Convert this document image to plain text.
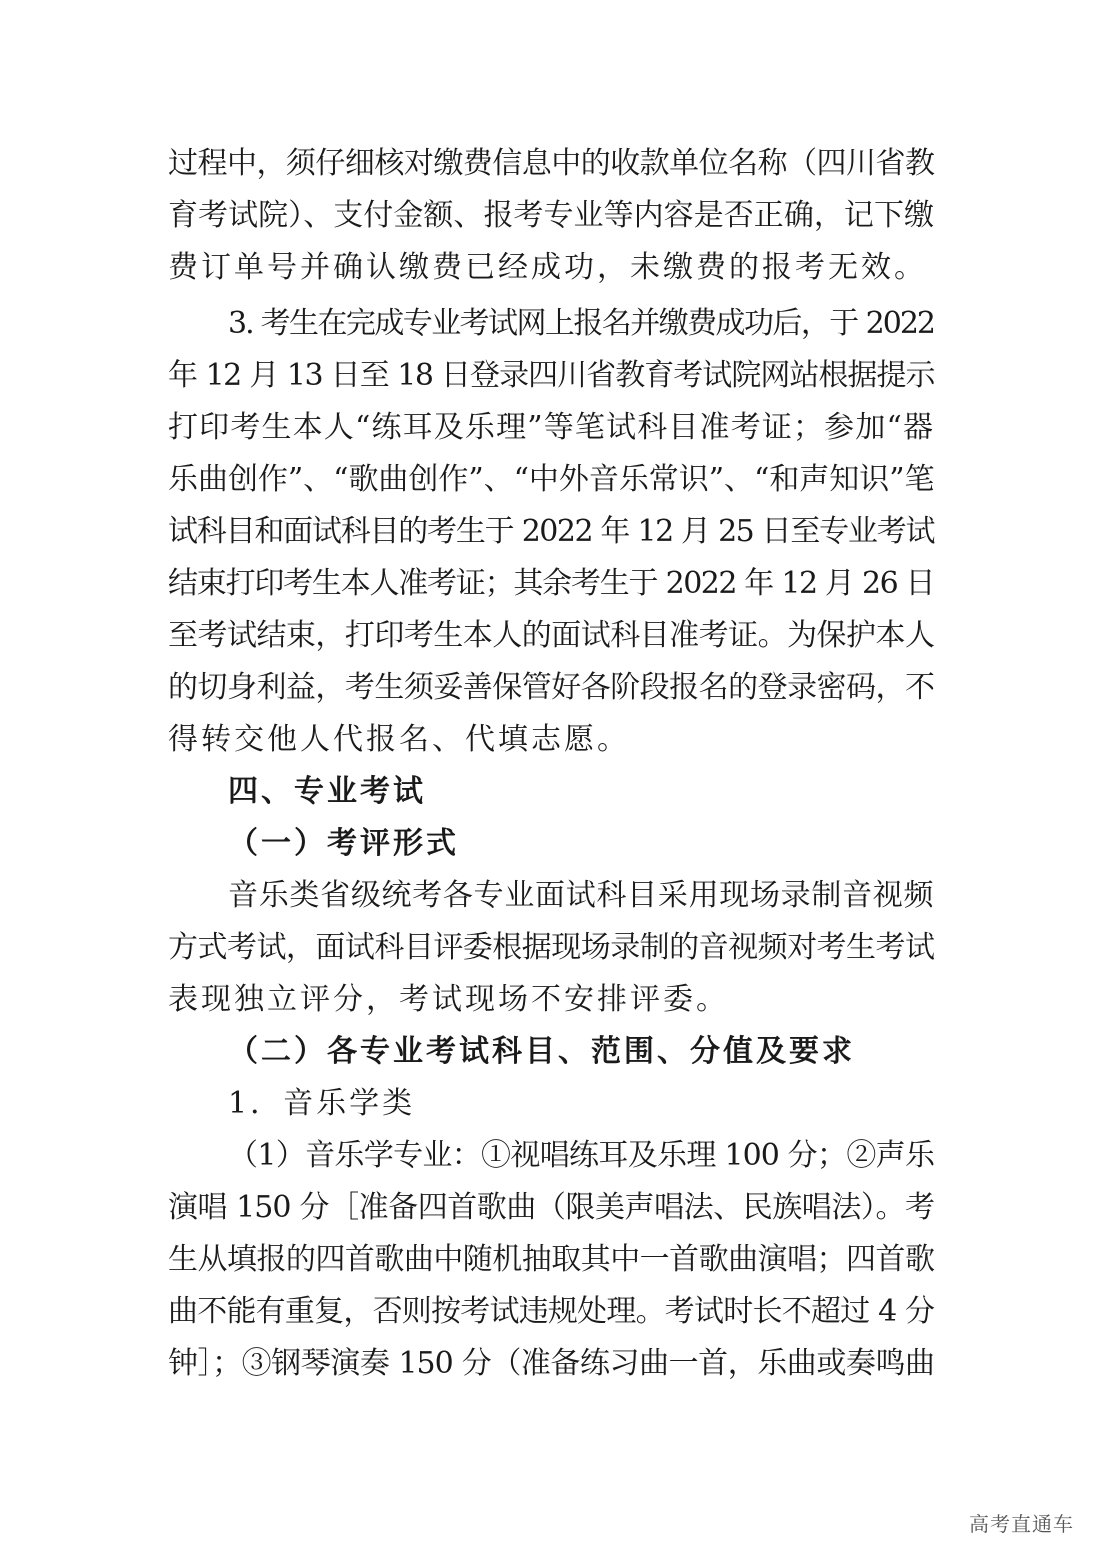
过程中，须仔细核对缴费信息中的收款单位名称（四川省教
育考试院）、支付金额、报考专业等内容是否正确，记下缴
费订单号并确认缴费已经成功，未缴费的报考无效。
3. 考生在完成专业考试网上报名并缴费成功后，于 2022
年 12 月 13 日至 18 日登录四川省教育考试院网站根据提示
打印考生本人“练耳及乐理”等笔试科目准考证；参加“器
乐曲创作”、“歌曲创作”、“中外音乐常识”、“和声知识”笔
试科目和面试科目的考生于 2022 年 12 月 25 日至专业考试
结束打印考生本人准考证；其余考生于 2022 年 12 月 26 日
至考试结束，打印考生本人的面试科目准考证。为保护本人
的切身利益，考生须妥善保管好各阶段报名的登录密码，不
得转交他人代报名、代填志愿。
四、专业考试
（一）考评形式
音乐类省级统考各专业面试科目采用现场录制音视频
方式考试，面试科目评委根据现场录制的音视频对考生考试
表现独立评分，考试现场不安排评委。
（二）各专业考试科目、范围、分值及要求
1．音乐学类
（1）音乐学专业：①视唱练耳及乐理 100 分；②声乐
演唱 150 分［准备四首歌曲（限美声唱法、民族唱法）。考
生从填报的四首歌曲中随机抽取其中一首歌曲演唱；四首歌
曲不能有重复，否则按考试违规处理。考试时长不超过 4 分
钟］；③钢琴演奏 150 分（准备练习曲一首，乐曲或奏鸣曲
高考直通车
